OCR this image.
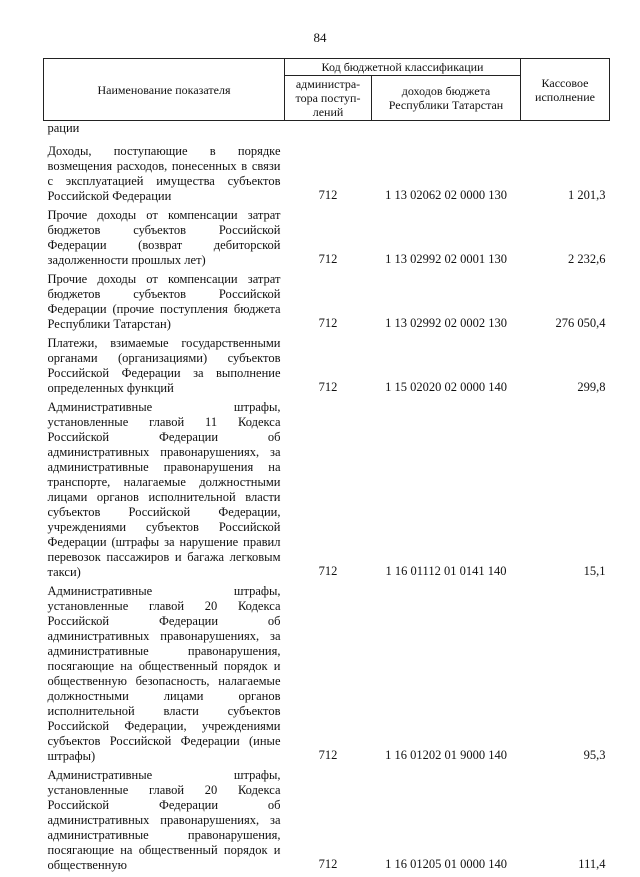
84
Наименование показателя	Код бюджетной классификации		Кассовое исполнение
	администра-тора поступ-лений	доходов бюджета Республики Татарстан	
рации			
Доходы, поступающие в порядке возмещения расходов, понесенных в связи с эксплуатацией имущества субъектов Российской Федерации	712	1 13 02062 02 0000 130	1 201,3
Прочие доходы от компенсации затрат бюджетов субъектов Российской Федерации (возврат дебиторской задолженности прошлых лет)	712	1 13 02992 02 0001 130	2 232,6
Прочие доходы от компенсации затрат бюджетов субъектов Российской Федерации (прочие поступления бюджета Республики Татарстан)	712	1 13 02992 02 0002 130	276 050,4
Платежи, взимаемые государственными органами (организациями) субъектов Российской Федерации за выполнение определенных функций	712	1 15 02020 02 0000 140	299,8
Административные штрафы, установленные главой 11 Кодекса Российской Федерации об административных правонарушениях, за административные правонарушения на транспорте, налагаемые должностными лицами органов исполнительной власти субъектов Российской Федерации, учреждениями субъектов Российской Федерации (штрафы за нарушение правил перевозок пассажиров и багажа легковым такси)	712	1 16 01112 01 0141 140	15,1
Административные штрафы, установленные главой 20 Кодекса Российской Федерации об административных правонарушениях, за административные правонарушения, посягающие на общественный порядок и общественную безопасность, налагаемые должностными лицами органов исполнительной власти субъектов Российской Федерации, учреждениями субъектов Российской Федерации (иные штрафы)	712	1 16 01202 01 9000 140	95,3
Административные штрафы, установленные главой 20 Кодекса Российской Федерации об административных правонарушениях, за административные правонарушения, посягающие на общественный порядок и общественную	712	1 16 01205 01 0000 140	111,4
